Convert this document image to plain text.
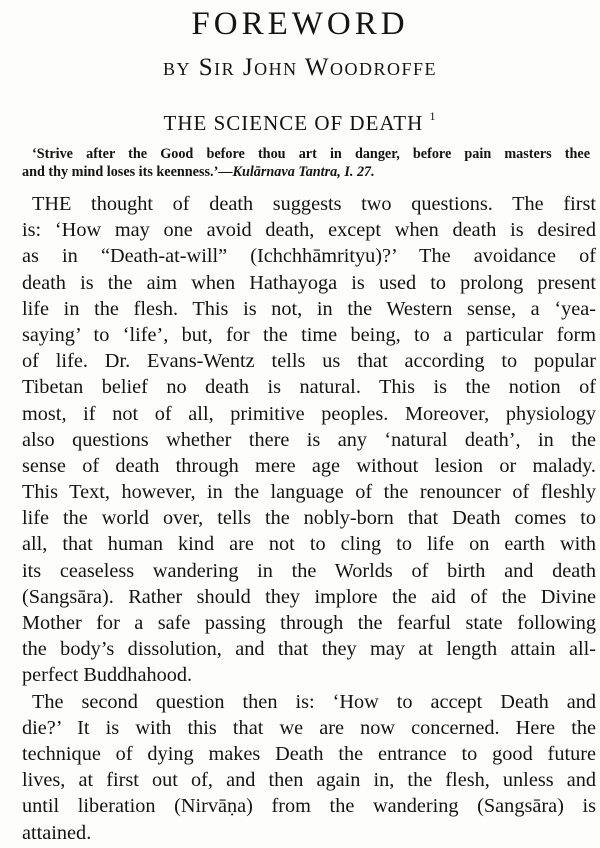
FOREWORD
by Sir John Woodroffe
THE SCIENCE OF DEATH $^1$
‘Strive after the Good before thou art in danger, before pain masters thee
and thy mind loses its keenness.’—Kulārnava Tantra, I. 27.
THE thought of death suggests two questions. The first
is: ‘How may one avoid death, except when death is desired
as in “Death-at-will” (Ichchhāmrityu)?’ The avoidance of
death is the aim when Hathayoga is used to prolong present
life in the flesh. This is not, in the Western sense, a ‘yea-
saying’ to ‘life’, but, for the time being, to a particular form
of life. Dr. Evans-Wentz tells us that according to popular
Tibetan belief no death is natural. This is the notion of
most, if not of all, primitive peoples. Moreover, physiology
also questions whether there is any ‘natural death’, in the
sense of death through mere age without lesion or malady.
This Text, however, in the language of the renouncer of fleshly
life the world over, tells the nobly-born that Death comes to
all, that human kind are not to cling to life on earth with
its ceaseless wandering in the Worlds of birth and death
(Sangsāra). Rather should they implore the aid of the Divine
Mother for a safe passing through the fearful state following
the body’s dissolution, and that they may at length attain all-
perfect Buddhahood.
The second question then is: ‘How to accept Death and
die?’ It is with this that we are now concerned. Here the
technique of dying makes Death the entrance to good future
lives, at first out of, and then again in, the flesh, unless and
until liberation (Nirvāṇa) from the wandering (Sangsāra) is
attained.
